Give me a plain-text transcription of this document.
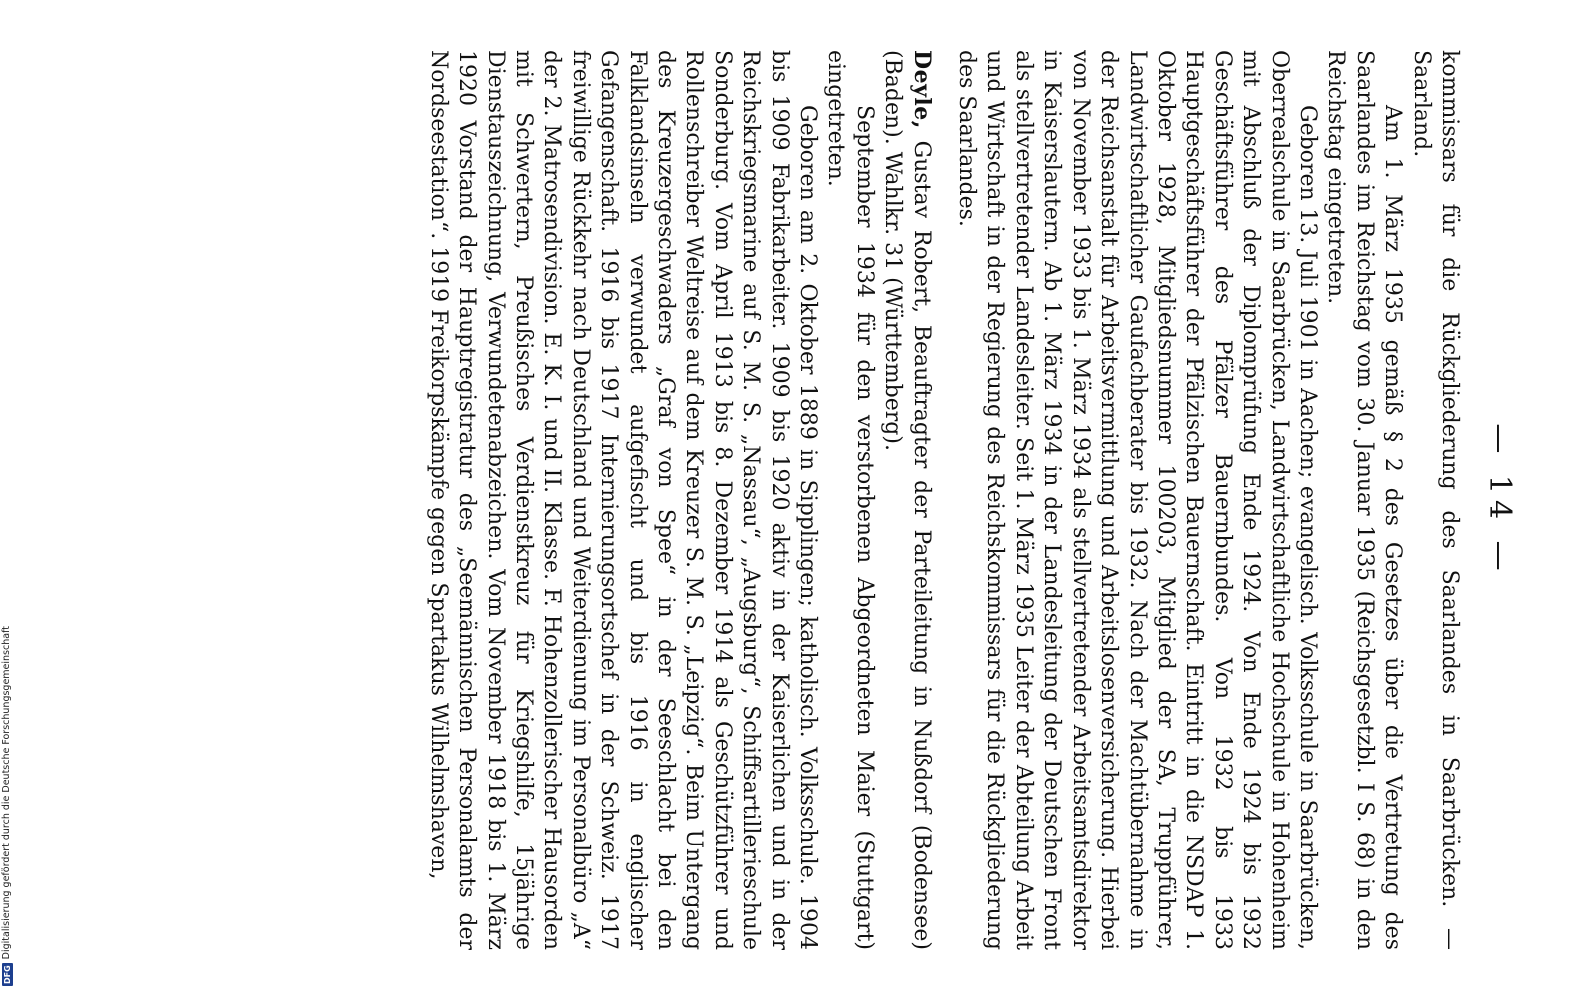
— 14 —

kommissars für die Rückgliederung des Saarlandes in Saarbrücken. — Saarland.

Am 1. März 1935 gemäß § 2 des Gesetzes über die Vertretung des Saarlandes im Reichstag vom 30. Januar 1935 (Reichsgesetzbl. I S. 68) in den Reichstag eingetreten.

Geboren 13. Juli 1901 in Aachen; evangelisch. Volksschule in Saarbrücken, Oberrealschule in Saarbrücken, Landwirtschaftliche Hochschule in Hohenheim mit Abschluß der Diplomprüfung Ende 1924. Von Ende 1924 bis 1932 Geschäftsführer des Pfälzer Bauernbundes. Von 1932 bis 1933 Hauptgeschäftsführer der Pfälzischen Bauernschaft. Eintritt in die NSDAP 1. Oktober 1928, Mitgliedsnummer 100203, Mitglied der SA, Truppführer, Landwirtschaftlicher Gaufachberater bis 1932. Nach der Machtübernahme in der Reichsanstalt für Arbeitsvermittlung und Arbeitslosenversicherung. Hierbei von November 1933 bis 1. März 1934 als stellvertretender Arbeitsamtsdirektor in Kaiserslautern. Ab 1. März 1934 in der Landesleitung der Deutschen Front als stellvertretender Landesleiter. Seit 1. März 1935 Leiter der Abteilung Arbeit und Wirtschaft in der Regierung des Reichskommissars für die Rückgliederung des Saarlandes.

Deyle, Gustav Robert, Beauftragter der Parteileitung in Nußdorf (Bodensee) (Baden). Wahlkr. 31 (Württemberg).

September 1934 für den verstorbenen Abgeordneten Maier (Stuttgart) eingetreten.

Geboren am 2. Oktober 1889 in Sipplingen; katholisch. Volksschule. 1904 bis 1909 Fabrikarbeiter. 1909 bis 1920 aktiv in der Kaiserlichen und in der Reichskriegsmarine auf S. M. S. „Nassau“, „Augsburg“, Schiffsartillerieschule Sonderburg. Vom April 1913 bis 8. Dezember 1914 als Geschützführer und Rollenschreiber Weltreise auf dem Kreuzer S. M. S. „Leipzig“. Beim Untergang des Kreuzergeschwaders „Graf von Spee“ in der Seeschlacht bei den Falklandsinseln verwundet aufgefischt und bis 1916 in englischer Gefangenschaft. 1916 bis 1917 Internierungsortschef in der Schweiz. 1917 freiwillige Rückkehr nach Deutschland und Weiterdienung im Personalbüro „A“ der 2. Matrosendivision. E. K. I. und II. Klasse. F. Hohenzollerischer Hausorden mit Schwertern, Preußisches Verdienstkreuz für Kriegshilfe, 15jährige Dienstauszeichnung, Verwundetenabzeichen. Vom November 1918 bis 1. März 1920 Vorstand der Hauptregistratur des „Seemännischen Personalamts der Nordseestation“. 1919 Freikorpskämpfe gegen Spartakus Wilhelmshaven,

DFG
Digitalisierung gefördert durch die Deutsche Forschungsgemeinschaft
